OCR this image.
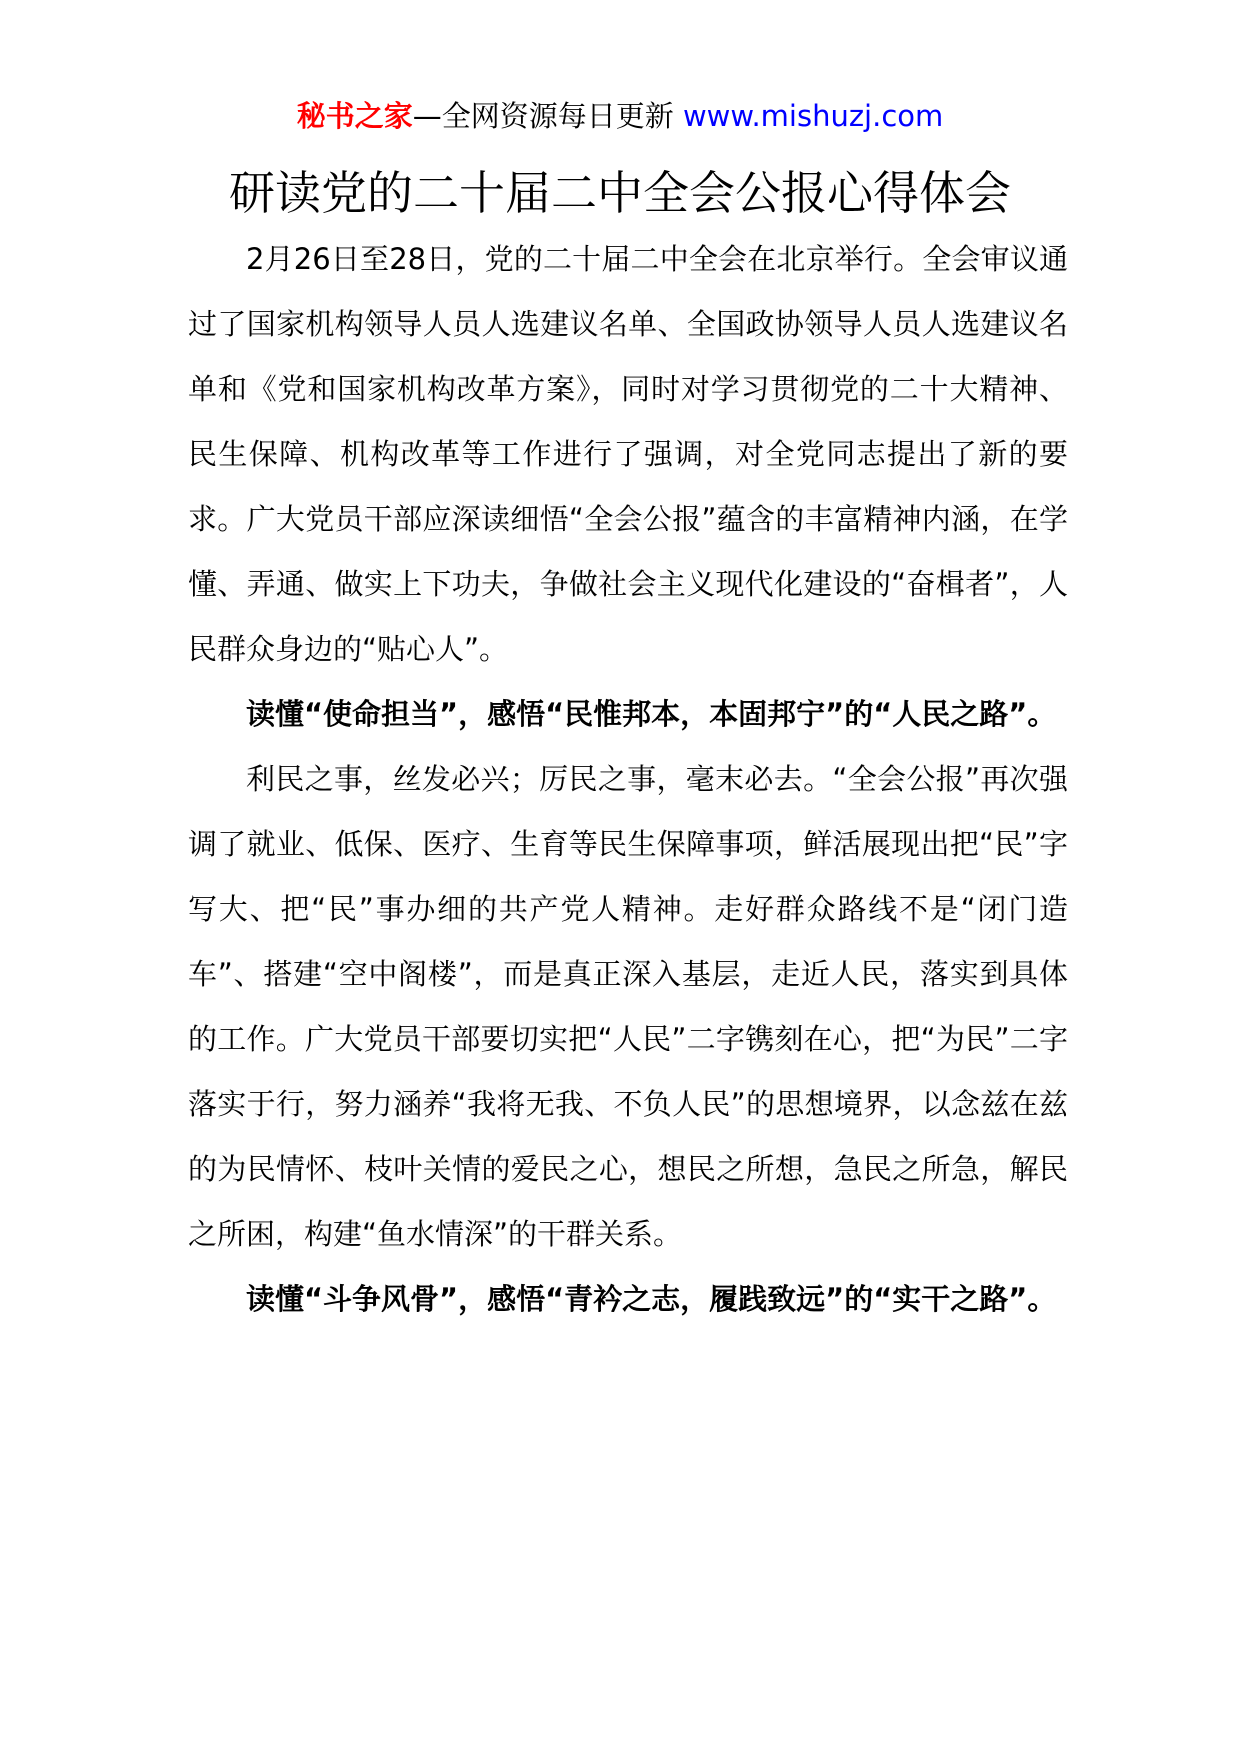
秘书之家—全网资源每日更新 www.mishuzj.com
研读党的二十届二中全会公报心得体会

2月26日至28日，党的二十届二中全会在北京举行。全会审议通过了国家机构领导人员人选建议名单、全国政协领导人员人选建议名单和《党和国家机构改革方案》，同时对学习贯彻党的二十大精神、民生保障、机构改革等工作进行了强调，对全党同志提出了新的要求。广大党员干部应深读细悟“全会公报”蕴含的丰富精神内涵，在学懂、弄通、做实上下功夫，争做社会主义现代化建设的“奋楫者”，人民群众身边的“贴心人”。

读懂“使命担当”，感悟“民惟邦本，本固邦宁”的“人民之路”。

利民之事，丝发必兴；厉民之事，毫末必去。“全会公报”再次强调了就业、低保、医疗、生育等民生保障事项，鲜活展现出把“民”字写大、把“民”事办细的共产党人精神。走好群众路线不是“闭门造车”、搭建“空中阁楼”，而是真正深入基层，走近人民，落实到具体的工作。广大党员干部要切实把“人民”二字镌刻在心，把“为民”二字落实于行，努力涵养“我将无我、不负人民”的思想境界，以念兹在兹的为民情怀、枝叶关情的爱民之心，想民之所想，急民之所急，解民之所困，构建“鱼水情深”的干群关系。

读懂“斗争风骨”，感悟“青衿之志，履践致远”的“实干之路”。
